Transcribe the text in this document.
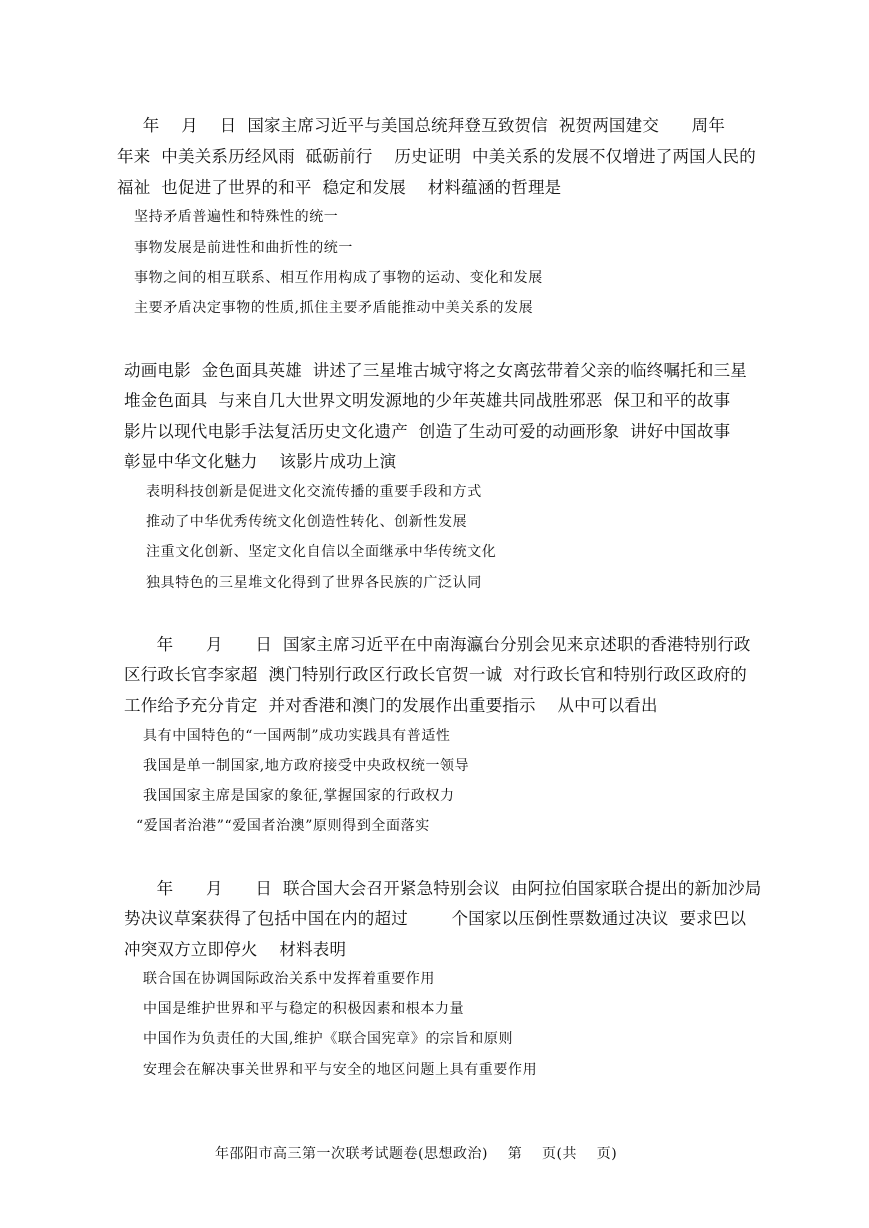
年    月    日  国家主席习近平与美国总统拜登互致贺信  祝贺两国建交      周年
年来  中美关系历经风雨  砥砺前行    历史证明  中美关系的发展不仅增进了两国人民的
福祉  也促进了世界的和平  稳定和发展    材料蕴涵的哲理是
坚持矛盾普遍性和特殊性的统一
事物发展是前进性和曲折性的统一
事物之间的相互联系、相互作用构成了事物的运动、变化和发展
主要矛盾决定事物的性质,抓住主要矛盾能推动中美关系的发展
动画电影  金色面具英雄  讲述了三星堆古城守将之女离弦带着父亲的临终嘱托和三星
堆金色面具  与来自几大世界文明发源地的少年英雄共同战胜邪恶  保卫和平的故事
影片以现代电影手法复活历史文化遗产  创造了生动可爱的动画形象  讲好中国故事
彰显中华文化魅力    该影片成功上演
表明科技创新是促进文化交流传播的重要手段和方式
推动了中华优秀传统文化创造性转化、创新性发展
注重文化创新、坚定文化自信以全面继承中华传统文化
独具特色的三星堆文化得到了世界各民族的广泛认同
年      月      日  国家主席习近平在中南海瀛台分别会见来京述职的香港特别行政
区行政长官李家超  澳门特别行政区行政长官贺一诚  对行政长官和特别行政区政府的
工作给予充分肯定  并对香港和澳门的发展作出重要指示    从中可以看出
具有中国特色的“一国两制”成功实践具有普适性
我国是单一制国家,地方政府接受中央政权统一领导
我国国家主席是国家的象征,掌握国家的行政权力
“爱国者治港”“爱国者治澳”原则得到全面落实
年      月      日  联合国大会召开紧急特别会议  由阿拉伯国家联合提出的新加沙局
势决议草案获得了包括中国在内的超过        个国家以压倒性票数通过决议  要求巴以
冲突双方立即停火    材料表明
联合国在协调国际政治关系中发挥着重要作用
中国是维护世界和平与稳定的积极因素和根本力量
中国作为负责任的大国,维护《联合国宪章》的宗旨和原则
安理会在解决事关世界和平与安全的地区问题上具有重要作用

年邵阳市高三第一次联考试题卷(思想政治)    第    页(共    页)
